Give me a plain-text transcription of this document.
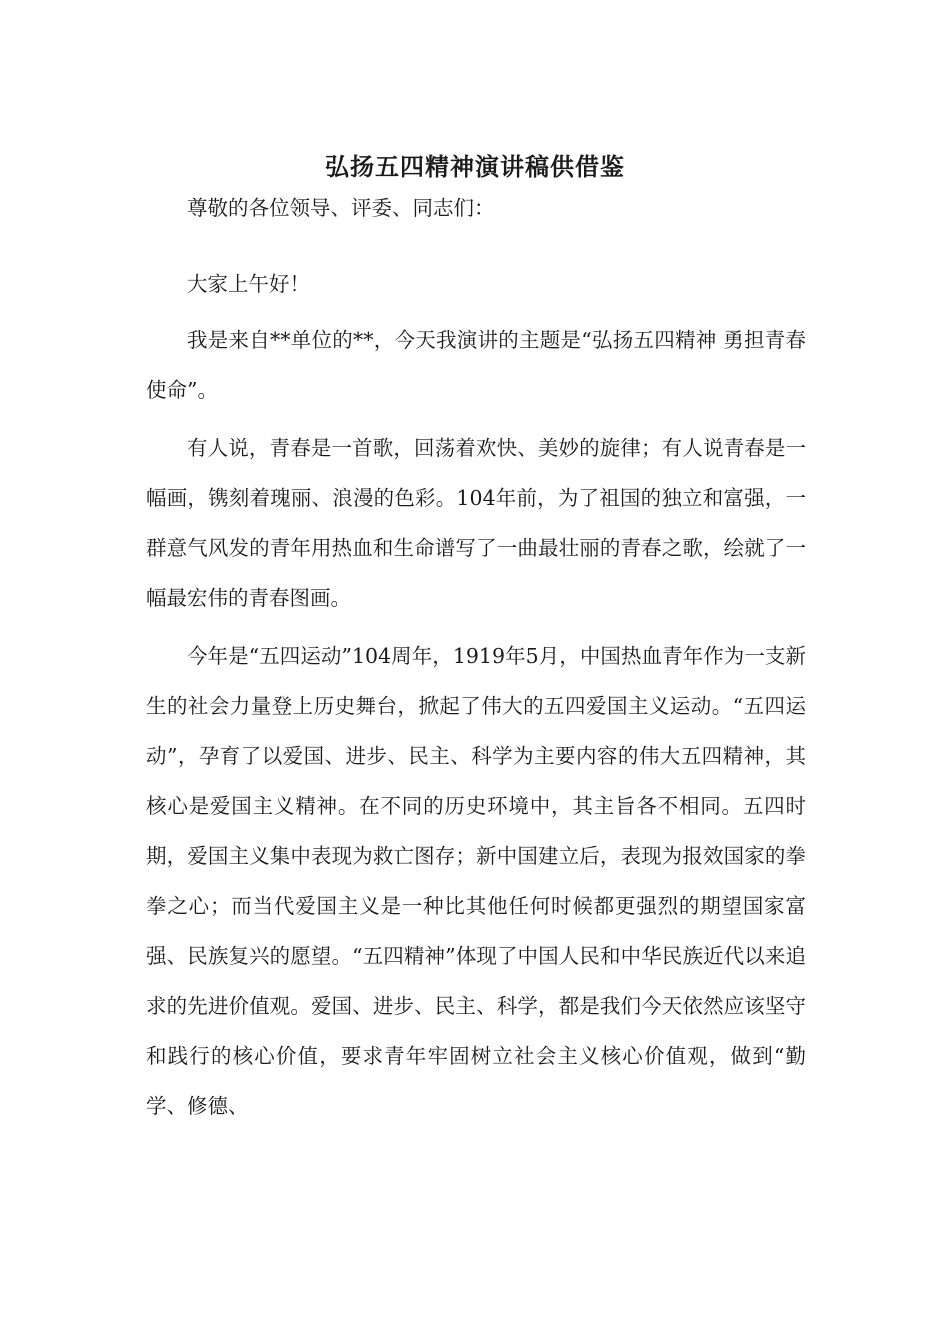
弘扬五四精神演讲稿供借鉴

尊敬的各位领导、评委、同志们：

大家上午好！

我是来自**单位的**，今天我演讲的主题是“弘扬五四精神 勇担青春使命”。

有人说，青春是一首歌，回荡着欢快、美妙的旋律；有人说青春是一幅画，镌刻着瑰丽、浪漫的色彩。104年前，为了祖国的独立和富强，一群意气风发的青年用热血和生命谱写了一曲最壮丽的青春之歌，绘就了一幅最宏伟的青春图画。

今年是“五四运动”104周年，1919年5月，中国热血青年作为一支新生的社会力量登上历史舞台，掀起了伟大的五四爱国主义运动。“五四运动”，孕育了以爱国、进步、民主、科学为主要内容的伟大五四精神，其核心是爱国主义精神。在不同的历史环境中，其主旨各不相同。五四时期，爱国主义集中表现为救亡图存；新中国建立后，表现为报效国家的拳拳之心；而当代爱国主义是一种比其他任何时候都更强烈的期望国家富强、民族复兴的愿望。“五四精神”体现了中国人民和中华民族近代以来追求的先进价值观。爱国、进步、民主、科学，都是我们今天依然应该坚守和践行的核心价值，要求青年牢固树立社会主义核心价值观，做到“勤学、修德、
